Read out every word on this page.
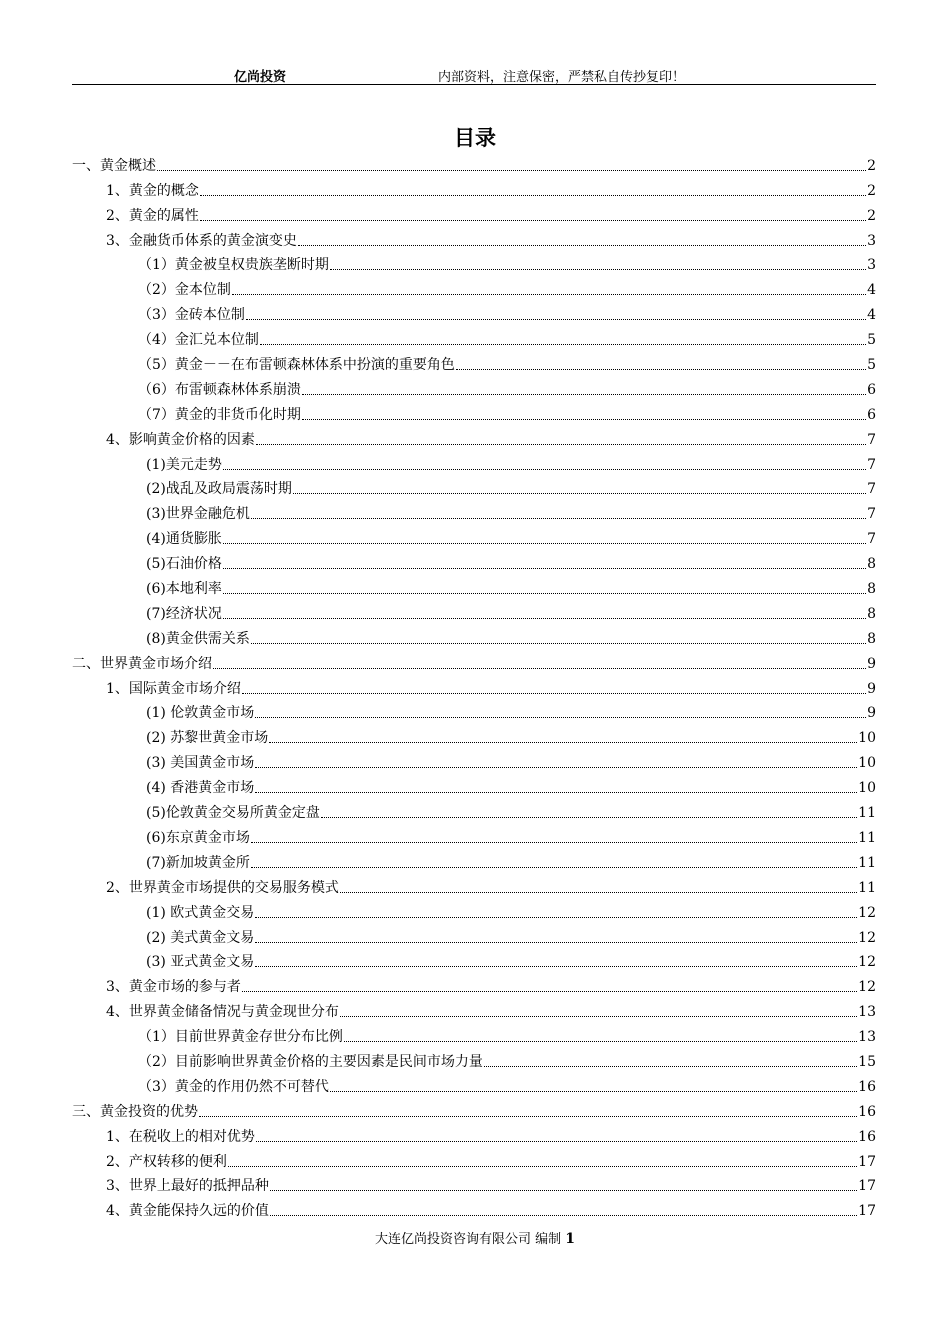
亿尚投资	内部资料，注意保密，严禁私自传抄复印！
目录
一、黄金概述	2
1、黄金的概念	2
2、黄金的属性	2
3、金融货币体系的黄金演变史	3
（1）黄金被皇权贵族垄断时期	3
（2）金本位制	4
（3）金砖本位制	4
（4）金汇兑本位制	5
（5）黄金－－在布雷顿森林体系中扮演的重要角色	5
（6）布雷顿森林体系崩溃	6
（7）黄金的非货币化时期	6
4、影响黄金价格的因素	7
(1)美元走势	7
(2)战乱及政局震荡时期	7
(3)世界金融危机	7
(4)通货膨胀	7
(5)石油价格	8
(6)本地利率	8
(7)经济状况	8
(8)黄金供需关系	8
二、世界黄金市场介绍	9
1、国际黄金市场介绍	9
(1) 伦敦黄金市场	9
(2) 苏黎世黄金市场	10
(3) 美国黄金市场	10
(4) 香港黄金市场	10
(5)伦敦黄金交易所黄金定盘	11
(6)东京黄金市场	11
(7)新加坡黄金所	11
2、世界黄金市场提供的交易服务模式	11
(1) 欧式黄金交易	12
(2) 美式黄金文易	12
(3) 亚式黄金文易	12
3、黄金市场的参与者	12
4、世界黄金储备情况与黄金现世分布	13
（1）目前世界黄金存世分布比例	13
（2）目前影响世界黄金价格的主要因素是民间市场力量	15
（3）黄金的作用仍然不可替代	16
三、黄金投资的优势	16
1、在税收上的相对优势	16
2、产权转移的便利	17
3、世界上最好的抵押品种	17
4、黄金能保持久远的价值	17
大连亿尚投资咨询有限公司 编制 1
